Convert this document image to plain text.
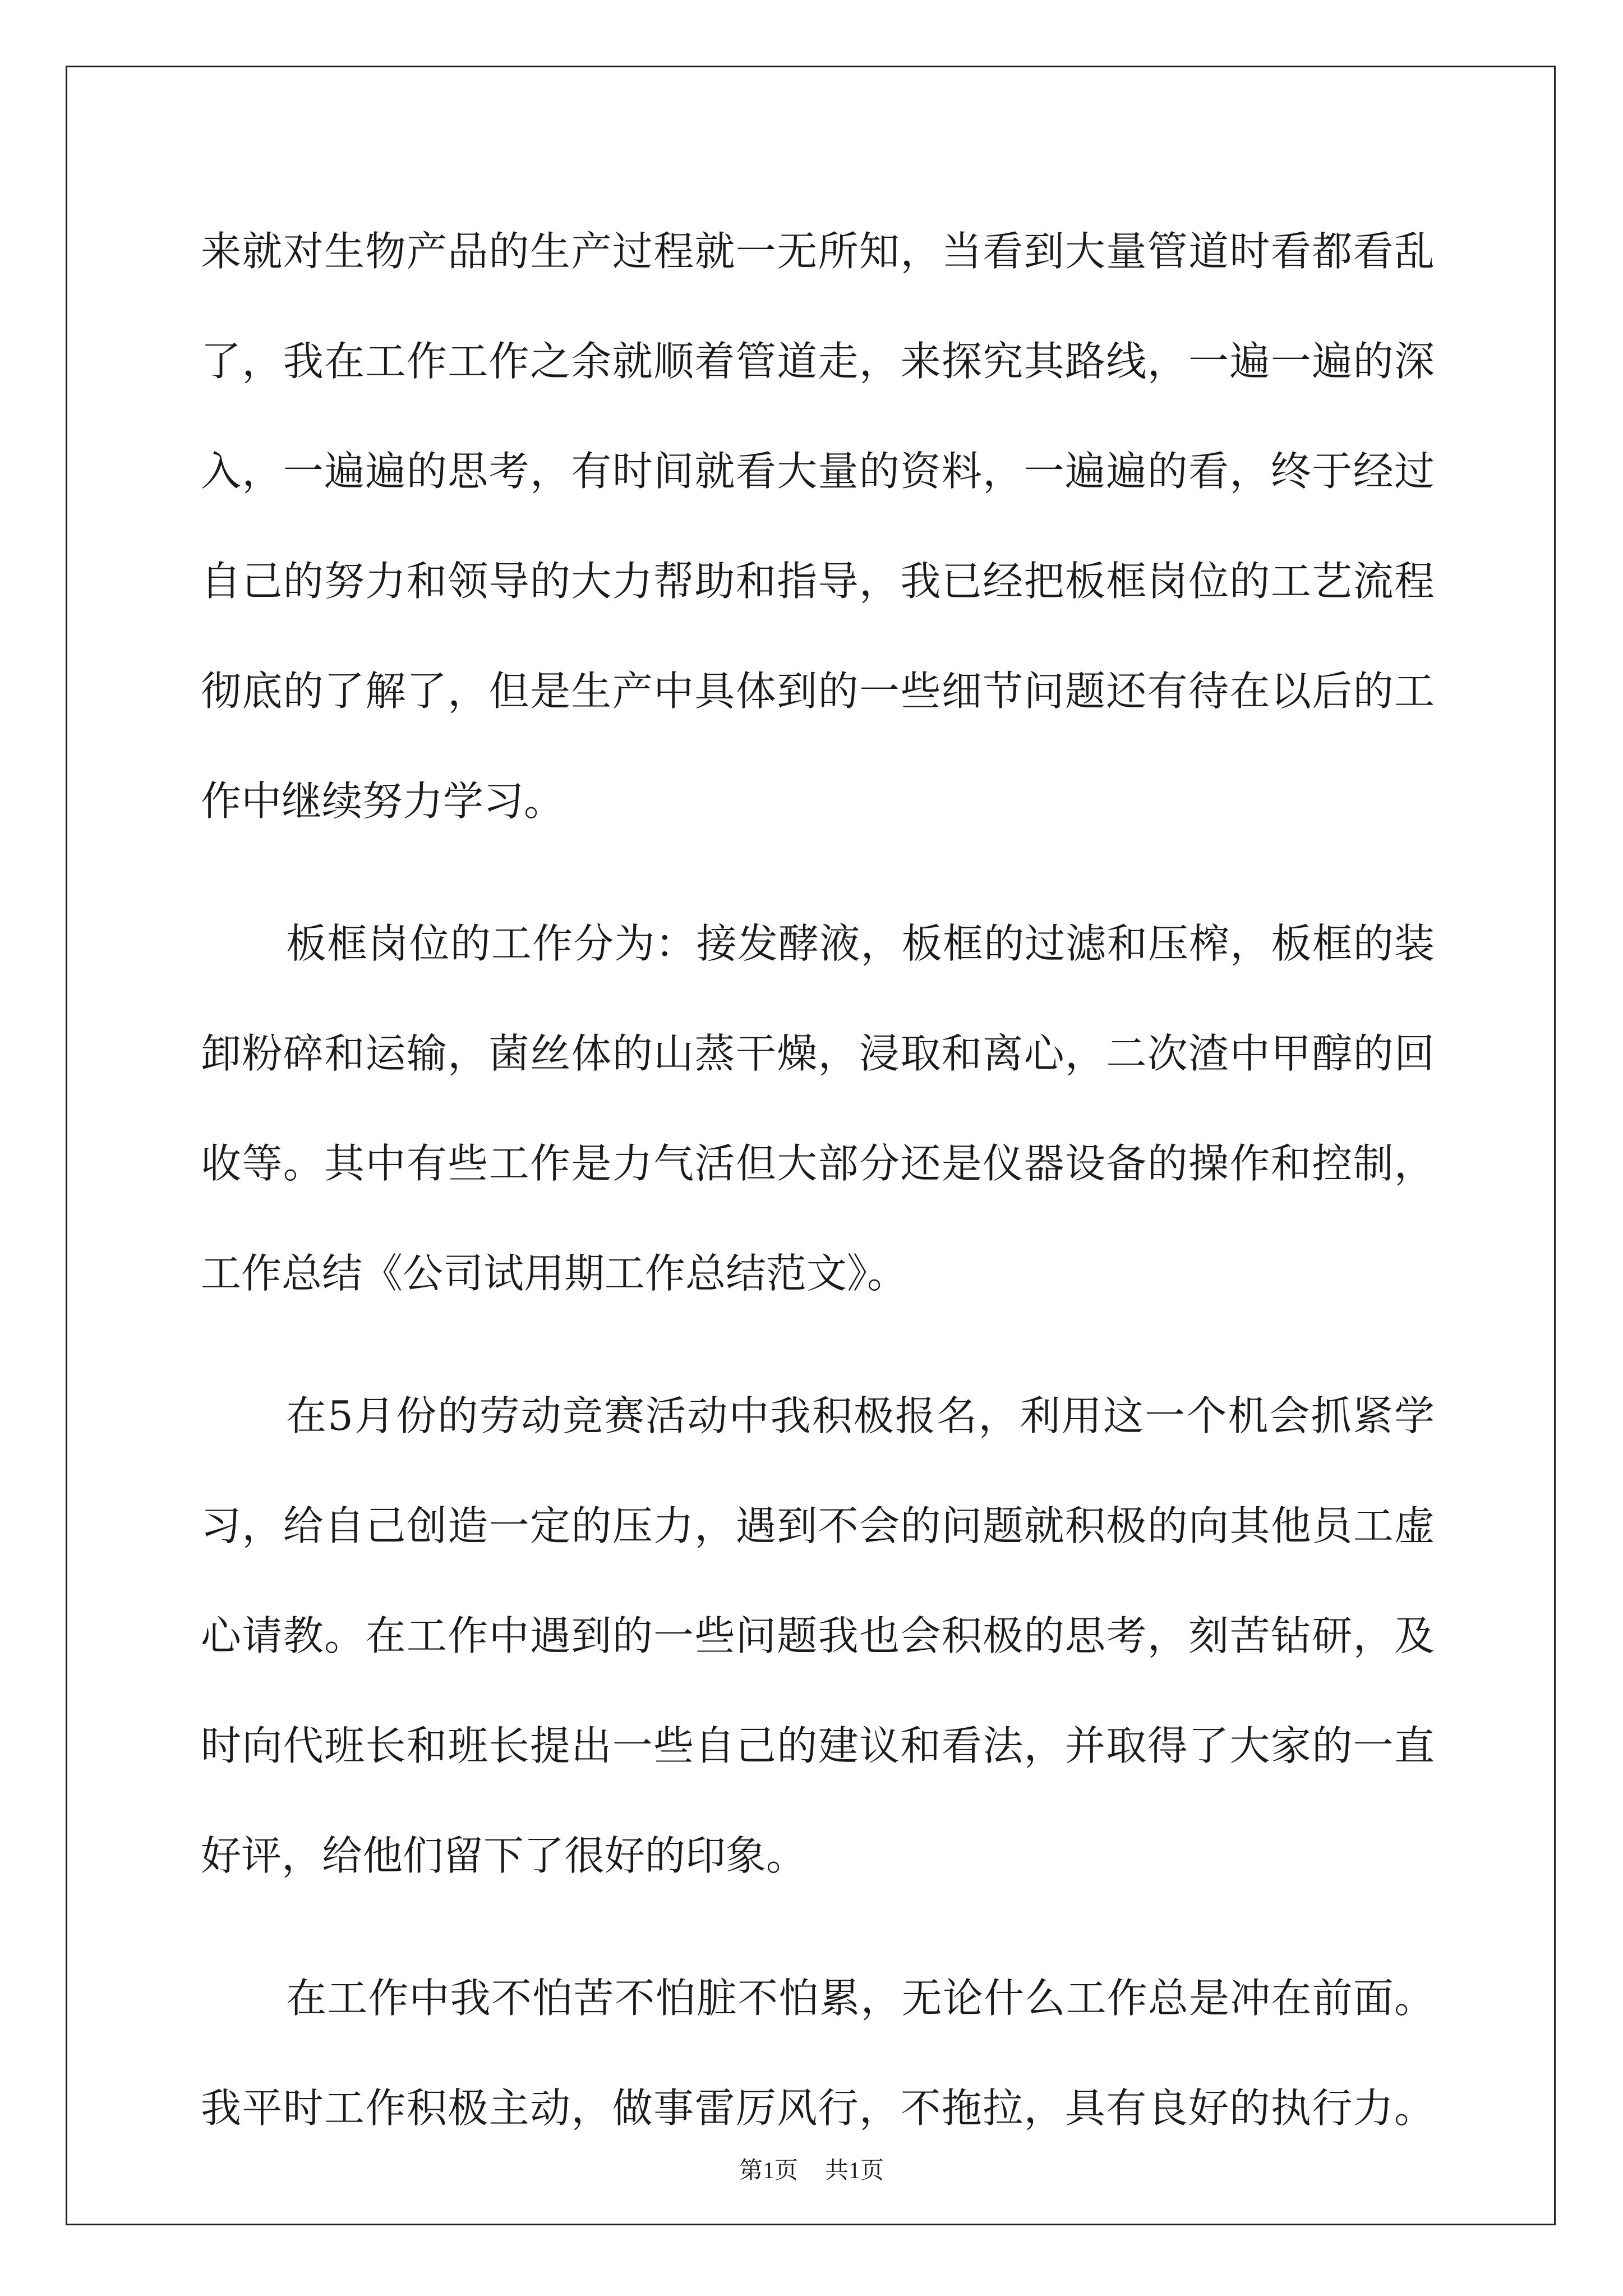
来就对生物产品的生产过程就一无所知，当看到大量管道时看都看乱
了，我在工作工作之余就顺着管道走，来探究其路线，一遍一遍的深
入，一遍遍的思考，有时间就看大量的资料，一遍遍的看，终于经过
自己的努力和领导的大力帮助和指导，我已经把板框岗位的工艺流程
彻底的了解了，但是生产中具体到的一些细节问题还有待在以后的工
作中继续努力学习。
板框岗位的工作分为：接发酵液，板框的过滤和压榨，板框的装
卸粉碎和运输，菌丝体的山蒸干燥，浸取和离心，二次渣中甲醇的回
收等。其中有些工作是力气活但大部分还是仪器设备的操作和控制，
工作总结《公司试用期工作总结范文》。
在5月份的劳动竞赛活动中我积极报名，利用这一个机会抓紧学
习，给自己创造一定的压力，遇到不会的问题就积极的向其他员工虚
心请教。在工作中遇到的一些问题我也会积极的思考，刻苦钻研，及
时向代班长和班长提出一些自己的建议和看法，并取得了大家的一直
好评，给他们留下了很好的印象。
在工作中我不怕苦不怕脏不怕累，无论什么工作总是冲在前面。
我平时工作积极主动，做事雷厉风行，不拖拉，具有良好的执行力。
第1页 共1页
